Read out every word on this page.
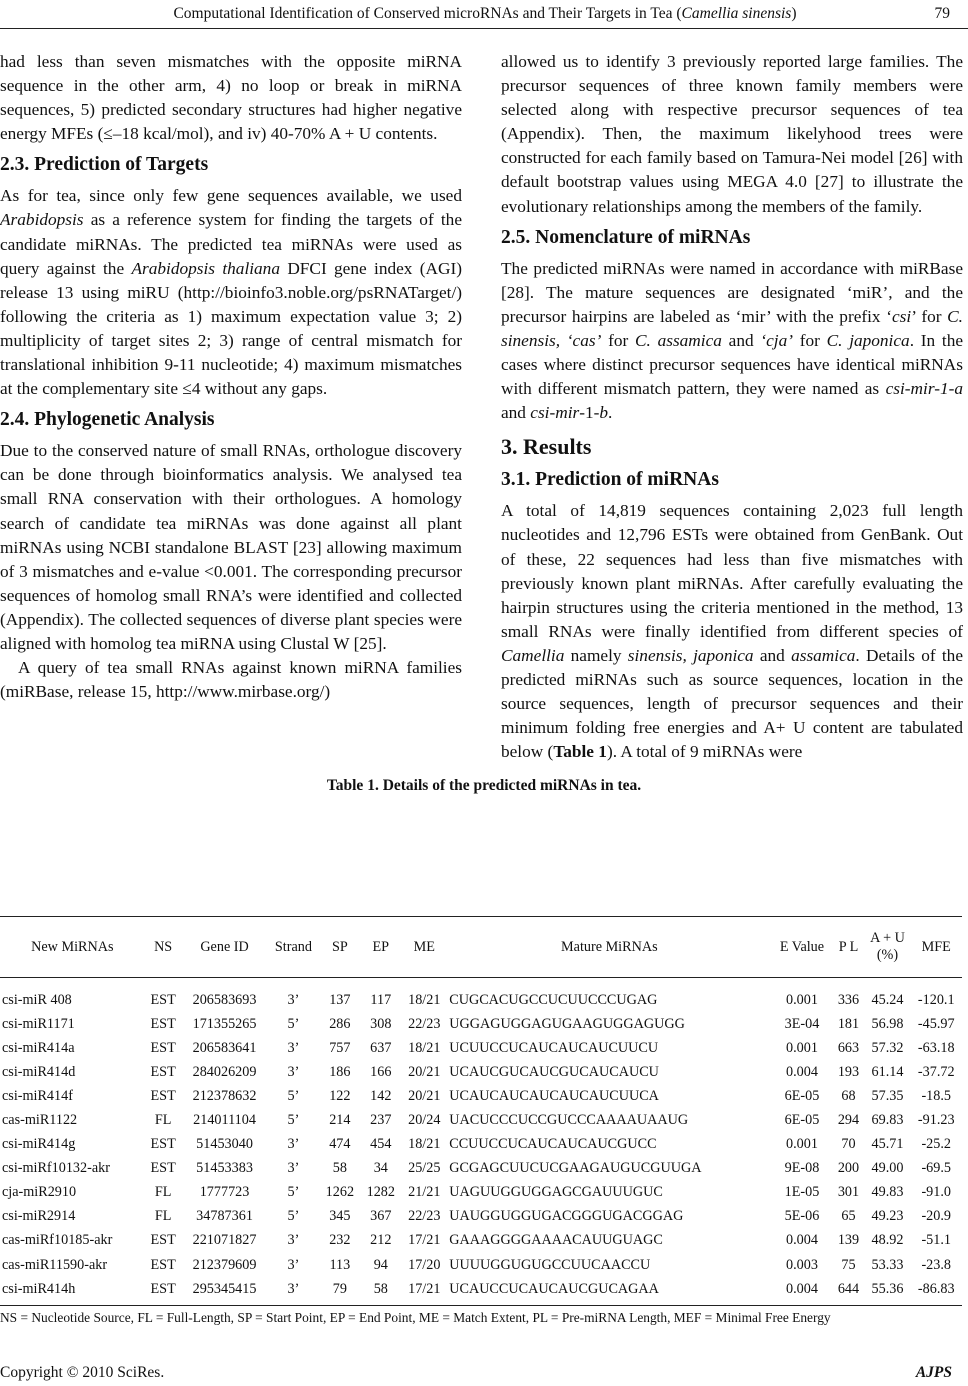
Computational Identification of Conserved microRNAs and Their Targets in Tea (Camellia sinensis)	79

had less than seven mismatches with the opposite miRNA sequence in the other arm, 4) no loop or break in miRNA sequences, 5) predicted secondary structures had higher negative energy MFEs (≤–18 kcal/mol), and iv) 40-70% A + U contents.

2.3. Prediction of Targets

As for tea, since only few gene sequences available, we used Arabidopsis as a reference system for finding the targets of the candidate miRNAs. The predicted tea miRNAs were used as query against the Arabidopsis thaliana DFCI gene index (AGI) release 13 using miRU (http://bioinfo3.noble.org/psRNATarget/) following the criteria as 1) maximum expectation value 3; 2) multiplicity of target sites 2; 3) range of central mismatch for translational inhibition 9-11 nucleotide; 4) maximum mismatches at the complementary site ≤4 without any gaps.

2.4. Phylogenetic Analysis

Due to the conserved nature of small RNAs, orthologue discovery can be done through bioinformatics analysis. We analysed tea small RNA conservation with their orthologues. A homology search of candidate tea miRNAs was done against all plant miRNAs using NCBI standalone BLAST [23] allowing maximum of 3 mismatches and e-value <0.001. The corresponding precursor sequences of homolog small RNA’s were identified and collected (Appendix). The collected sequences of diverse plant species were aligned with homolog tea miRNA using Clustal W [25].

A query of tea small RNAs against known miRNA families (miRBase, release 15, http://www.mirbase.org/)

allowed us to identify 3 previously reported large families. The precursor sequences of three known family members were selected along with respective precursor sequences of tea (Appendix). Then, the maximum likelyhood trees were constructed for each family based on Tamura-Nei model [26] with default bootstrap values using MEGA 4.0 [27] to illustrate the evolutionary relationships among the members of the family.

2.5. Nomenclature of miRNAs

The predicted miRNAs were named in accordance with miRBase [28]. The mature sequences are designated ‘miR’, and the precursor hairpins are labeled as ‘mir’ with the prefix ‘csi’ for C. sinensis, ‘cas’ for C. assamica and ‘cja’ for C. japonica. In the cases where distinct precursor sequences have identical miRNAs with different mismatch pattern, they were named as csi-mir-1-a and csi-mir-1-b.

3. Results
3.1. Prediction of miRNAs

A total of 14,819 sequences containing 2,023 full length nucleotides and 12,796 ESTs were obtained from GenBank. Out of these, 22 sequences had less than five mismatches with previously known plant miRNAs. After carefully evaluating the hairpin structures using the criteria mentioned in the method, 13 small RNAs were finally identified from different species of Camellia namely sinensis, japonica and assamica. Details of the predicted miRNAs such as source sequences, location in the source sequences, length of precursor sequences and their minimum folding free energies and A+ U content are tabulated below (Table 1). A total of 9 miRNAs were

Table 1. Details of the predicted miRNAs in tea.
New MiRNAs	NS	Gene ID	Strand	SP	EP	ME	Mature MiRNAs	E Value	P L	A + U (%)	MFE
csi-miR 408	EST	206583693	3’	137	117	18/21	CUGCACUGCCUCUUCCCUGAG	0.001	336	45.24	-120.1
csi-miR1171	EST	171355265	5’	286	308	22/23	UGGAGUGGAGUGAAGUGGAGUGG	3E-04	181	56.98	-45.97
csi-miR414a	EST	206583641	3’	757	637	18/21	UCUUCCUCAUCAUCAUCUUCU	0.001	663	57.32	-63.18
csi-miR414d	EST	284026209	3’	186	166	20/21	UCAUCGUCAUCGUCAUCAUCU	0.004	193	61.14	-37.72
csi-miR414f	EST	212378632	5’	122	142	20/21	UCAUCAUCAUCAUCAUCUUCA	6E-05	68	57.35	-18.5
cas-miR1122	FL	214011104	5’	214	237	20/24	UACUCCCUCCGUCCCAAAAUAAUG	6E-05	294	69.83	-91.23
csi-miR414g	EST	51453040	3’	474	454	18/21	CCUUCCUCAUCAUCAUCGUCC	0.001	70	45.71	-25.2
csi-miRf10132-akr	EST	51453383	3’	58	34	25/25	GCGAGCUUCUCGAAGAUGUCGUUGA	9E-08	200	49.00	-69.5
cja-miR2910	FL	1777723	5’	1262	1282	21/21	UAGUUGGUGGAGCGAUUUGUC	1E-05	301	49.83	-91.0
csi-miR2914	FL	34787361	5’	345	367	22/23	UAUGGUGGUGACGGGUGACGGAG	5E-06	65	49.23	-20.9
cas-miRf10185-akr	EST	221071827	3’	232	212	17/21	GAAAGGGGAAAACAUUGUAGC	0.004	139	48.92	-51.1
cas-miR11590-akr	EST	212379609	3’	113	94	17/20	UUUUGGUGUGCCUUCAACCU	0.003	75	53.33	-23.8
csi-miR414h	EST	295345415	3’	79	58	17/21	UCAUCCUCAUCAUCGUCAGAA	0.004	644	55.36	-86.83
NS = Nucleotide Source, FL = Full-Length, SP = Start Point, EP = End Point, ME = Match Extent, PL = Pre-miRNA Length, MEF = Minimal Free Energy
Copyright © 2010 SciRes.	AJPS
